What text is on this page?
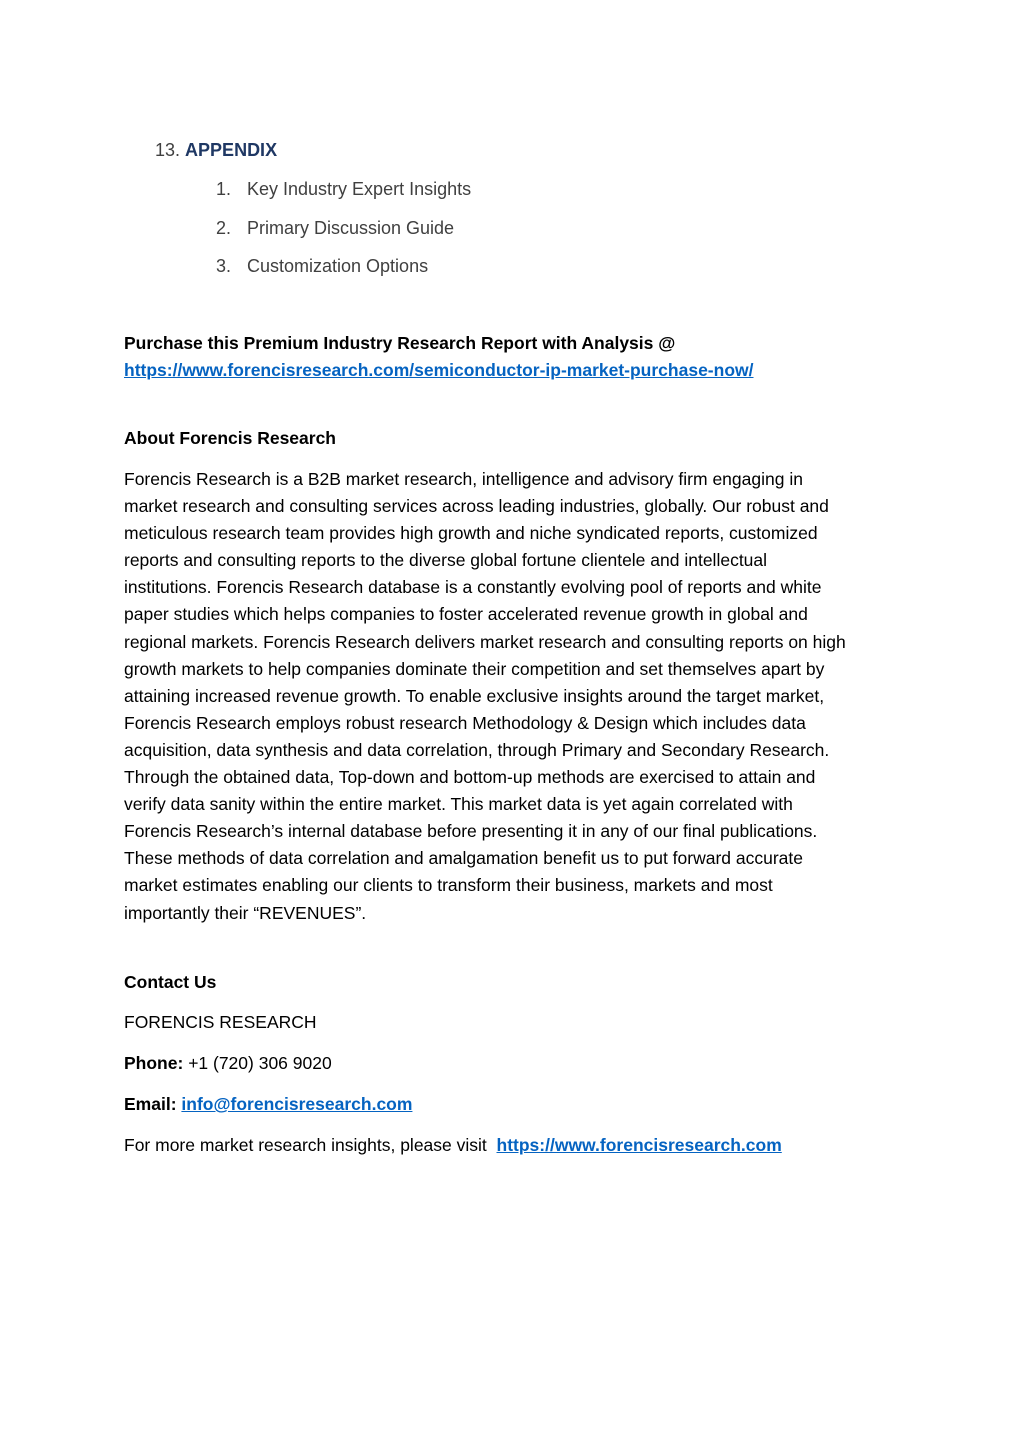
13. APPENDIX
1. Key Industry Expert Insights
2. Primary Discussion Guide
3. Customization Options
Purchase this Premium Industry Research Report with Analysis @
https://www.forencisresearch.com/semiconductor-ip-market-purchase-now/
About Forencis Research

Forencis Research is a B2B market research, intelligence and advisory firm engaging in
market research and consulting services across leading industries, globally. Our robust and
meticulous research team provides high growth and niche syndicated reports, customized
reports and consulting reports to the diverse global fortune clientele and intellectual
institutions. Forencis Research database is a constantly evolving pool of reports and white
paper studies which helps companies to foster accelerated revenue growth in global and
regional markets. Forencis Research delivers market research and consulting reports on high
growth markets to help companies dominate their competition and set themselves apart by
attaining increased revenue growth. To enable exclusive insights around the target market,
Forencis Research employs robust research Methodology & Design which includes data
acquisition, data synthesis and data correlation, through Primary and Secondary Research.
Through the obtained data, Top-down and bottom-up methods are exercised to attain and
verify data sanity within the entire market. This market data is yet again correlated with
Forencis Research’s internal database before presenting it in any of our final publications.
These methods of data correlation and amalgamation benefit us to put forward accurate
market estimates enabling our clients to transform their business, markets and most
importantly their “REVENUES”.

Contact Us
FORENCIS RESEARCH
Phone: +1 (720) 306 9020
Email: info@forencisresearch.com
For more market research insights, please visit https://www.forencisresearch.com
